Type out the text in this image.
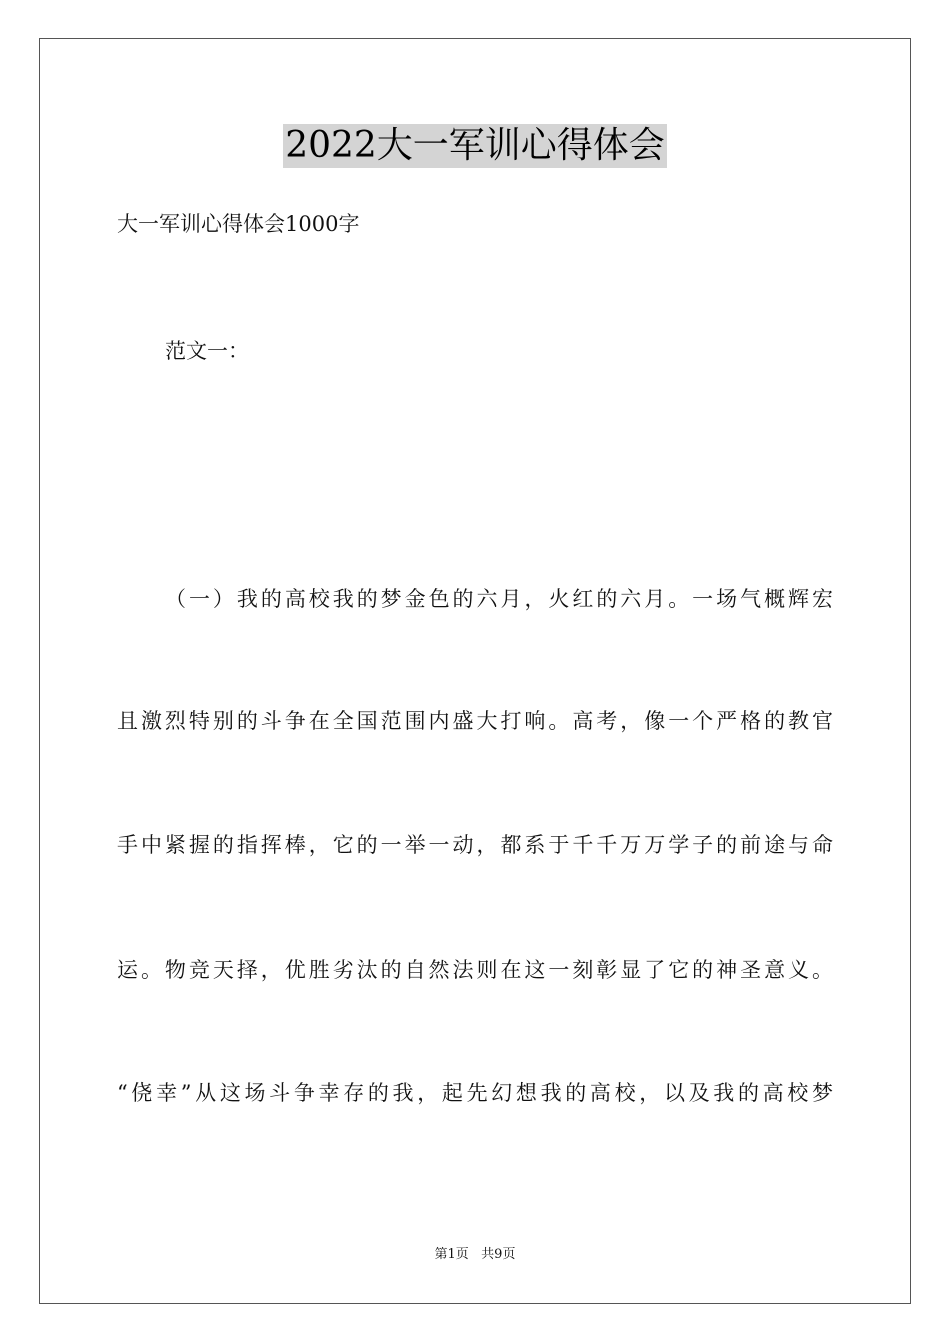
2022大一军训心得体会
大一军训心得体会1000字
范文一：
（一）我的高校我的梦金色的六月，火红的六月。一场气概辉宏
且激烈特别的斗争在全国范围内盛大打响。高考，像一个严格的教官
手中紧握的指挥棒，它的一举一动，都系于千千万万学子的前途与命
运。物竞天择，优胜劣汰的自然法则在这一刻彰显了它的神圣意义。
“侥幸”从这场斗争幸存的我，起先幻想我的高校，以及我的高校梦
第1页   共9页
